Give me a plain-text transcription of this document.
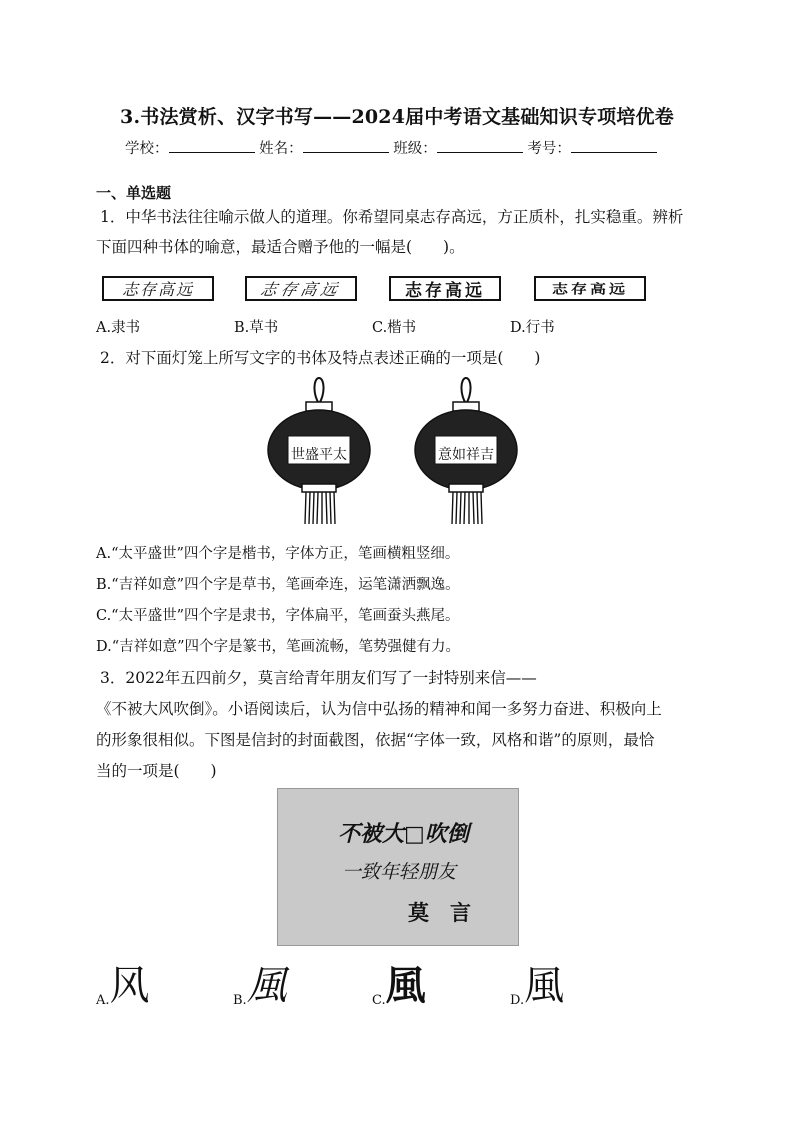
3.书法赏析、汉字书写——2024届中考语文基础知识专项培优卷
学校：	姓名：	班级：	考号：
一、单选题
1．中华书法往往喻示做人的道理。你希望同桌志存高远，方正质朴，扎实稳重。辨析
下面四种书体的喻意，最适合赠予他的一幅是(　　)。
志存高远	志存高远	志存高远	志存高远
A.隶书	B.草书	C.楷书	D.行书
2．对下面灯笼上所写文字的书体及特点表述正确的一项是(　　)
世盛平太	意如祥吉
A.“太平盛世”四个字是楷书，字体方正，笔画横粗竖细。
B.“吉祥如意”四个字是草书，笔画牵连，运笔潇洒飘逸。
C.“太平盛世”四个字是隶书，字体扁平，笔画蚕头燕尾。
D.“吉祥如意”四个字是篆书，笔画流畅，笔势强健有力。
3．2022年五四前夕，莫言给青年朋友们写了一封特别来信——
《不被大风吹倒》。小语阅读后，认为信中弘扬的精神和闻一多努力奋进、积极向上
的形象很相似。下图是信封的封面截图，依据“字体一致，风格和谐”的原则，最恰
当的一项是(　　)
不被大□吹倒
一致年轻朋友
莫　言
A. 风	B. 風	C. 風	D. 風
